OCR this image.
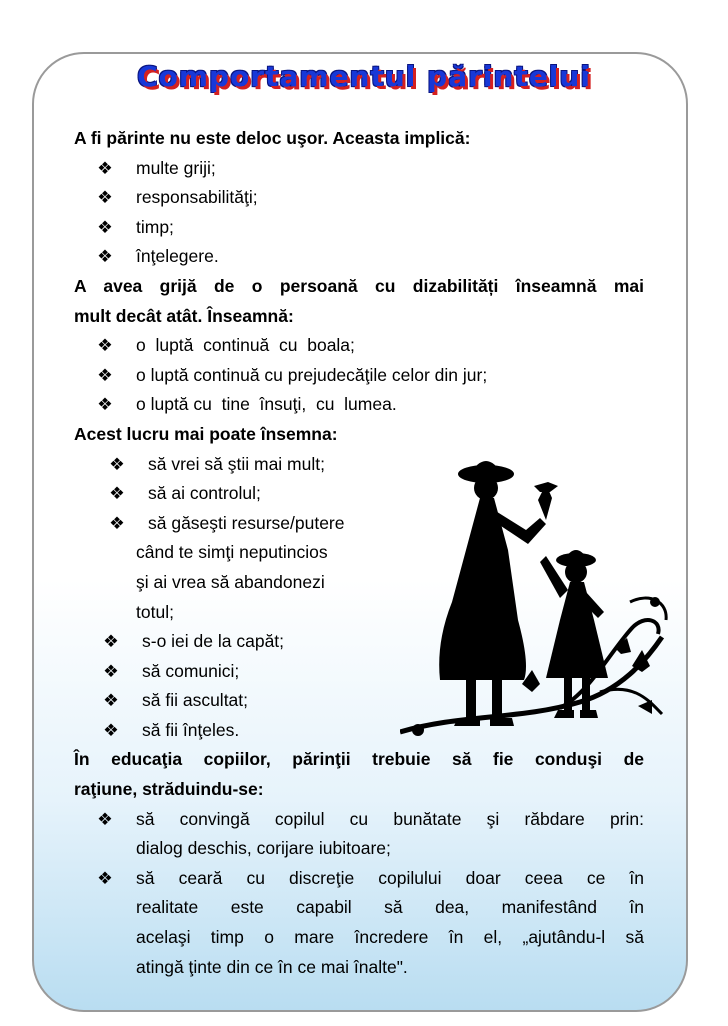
Comportamentul părintelui
A fi părinte nu este deloc uşor. Aceasta implică:
❖ multe griji;
❖ responsabilităţi;
❖ timp;
❖ înţelegere.
A avea grijă de o persoană cu dizabilități înseamnă mai
mult decât atât. Înseamnă:
❖ o  luptă  continuă  cu  boala;
❖ o luptă continuă cu prejudecăţile celor din jur;
❖ o luptă cu  tine  însuţi,  cu  lumea.
Acest lucru mai poate însemna:
❖ să vrei să ştii mai mult;
❖ să ai controlul;
❖ să găseşti resurse/putere
când te simţi neputincios
şi ai vrea să abandonezi
totul;
❖ s-o iei de la capăt;
❖ să comunici;
❖ să fii ascultat;
❖ să fii înţeles.
În educaţia copiilor, părinţii trebuie să fie conduşi de
raţiune, străduindu-se:
❖ să convingă copilul cu bunătate şi răbdare prin:
dialog deschis, corijare iubitoare;
❖ să ceară cu discreţie copilului doar ceea ce în
realitate este capabil să dea, manifestând în
acelaşi timp o mare încredere în el, „ajutându-l să
atingă ţinte din ce în ce mai înalte".
